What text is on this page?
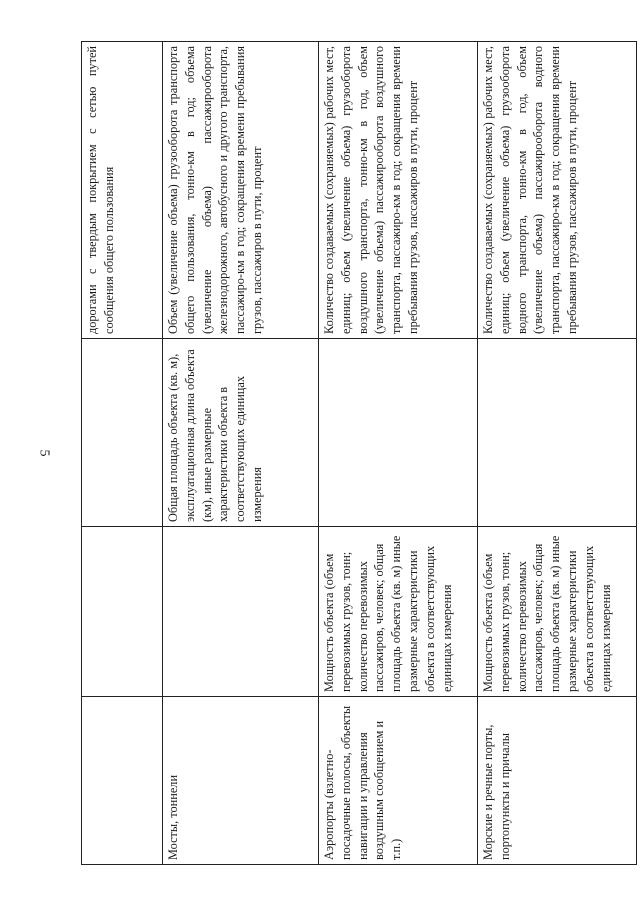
5
			дорогами с твердым покрытием с сетью путей сообщения общего пользования
Мосты, тоннели		Общая площадь объекта (кв. м), эксплуатационная длина объекта (км), иные размерные характеристики объекта в соответствующих единицах измерения	Объем (увеличение объема) грузооборота транспорта общего пользования, тонно-км в год; объема (увеличение объема) пассажирооборота железнодорожного, автобусного и другого транспорта, пассажиро-км в год; сокращения времени пребывания грузов, пассажиров в пути, процент
Аэропорты (взлетно-посадочные полосы, объекты навигации и управления воздушным сообщением и т.п.)	Мощность объекта (объем перевозимых грузов, тонн; количество перевозимых пассажиров, человек; общая площадь объекта (кв. м) иные размерные характеристики объекта в соответствующих единицах измерения		Количество создаваемых (сохраняемых) рабочих мест, единиц; объем (увеличение объема) грузооборота воздушного транспорта, тонно-км в год, объем (увеличение объема) пассажирооборота воздушного транспорта, пассажиро-км в год; сокращения времени пребывания грузов, пассажиров в пути, процент
Морские и речные порты, портопункты и причалы	Мощность объекта (объем перевозимых грузов, тонн; количество перевозимых пассажиров, человек; общая площадь объекта (кв. м) иные размерные характеристики объекта в соответствующих единицах измерения		Количество создаваемых (сохраняемых) рабочих мест, единиц; объем (увеличение объема) грузооборота водного транспорта, тонно-км в год, объем (увеличение объема) пассажирооборота водного транспорта, пассажиро-км в год; сокращения времени пребывания грузов, пассажиров в пути, процент
